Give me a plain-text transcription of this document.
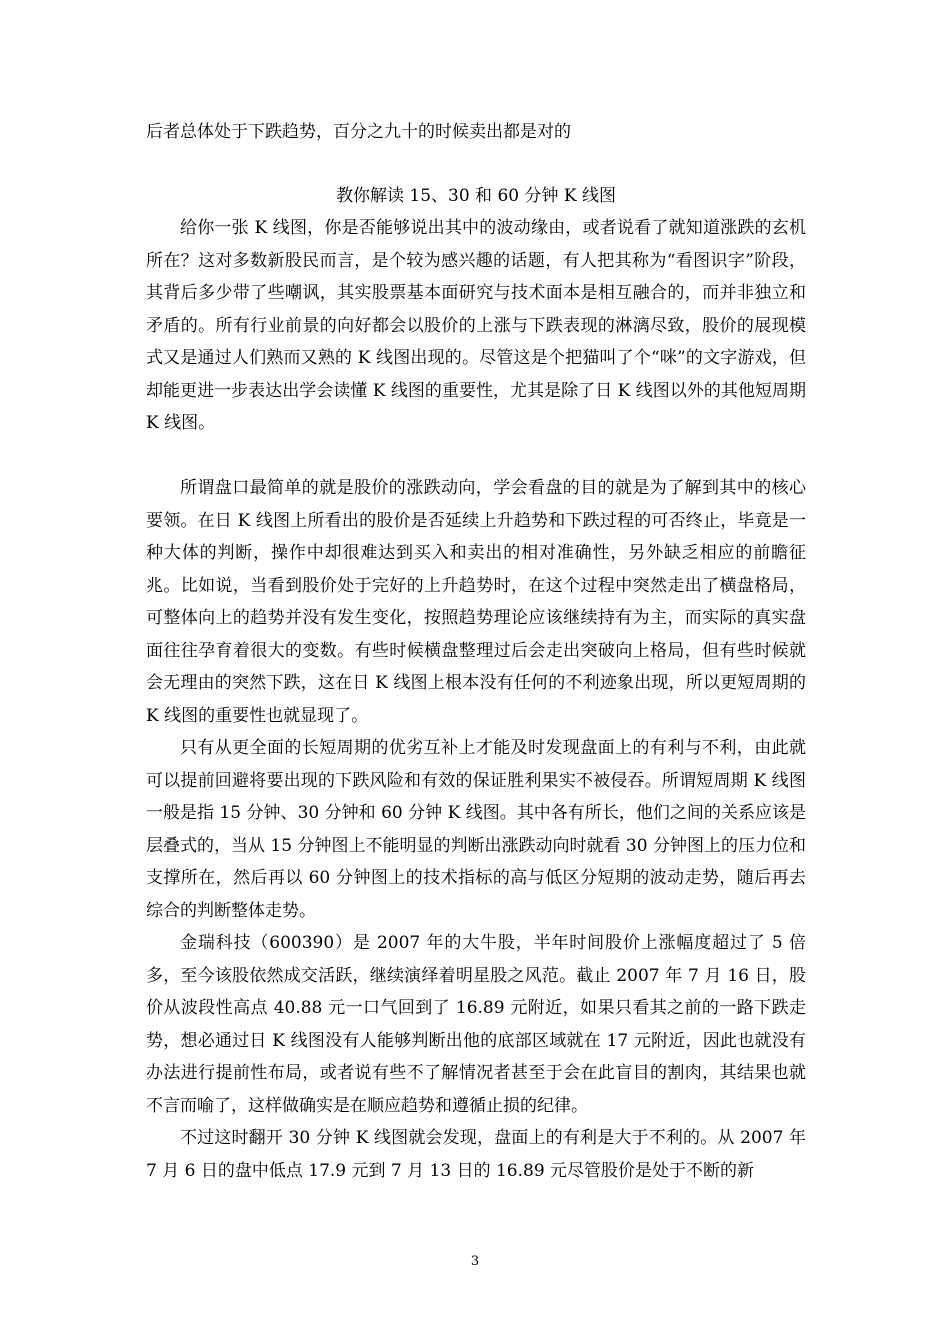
后者总体处于下跌趋势，百分之九十的时候卖出都是对的

教你解读 15、30 和 60 分钟 K 线图
给你一张 K 线图，你是否能够说出其中的波动缘由，或者说看了就知道涨跌的玄机所在？这对多数新股民而言，是个较为感兴趣的话题，有人把其称为“看图识字”阶段，其背后多少带了些嘲讽，其实股票基本面研究与技术面本是相互融合的，而并非独立和矛盾的。所有行业前景的向好都会以股价的上涨与下跌表现的淋漓尽致，股价的展现模式又是通过人们熟而又熟的 K 线图出现的。尽管这是个把猫叫了个“咪”的文字游戏，但却能更进一步表达出学会读懂 K 线图的重要性，尤其是除了日 K 线图以外的其他短周期 K 线图。
所谓盘口最简单的就是股价的涨跌动向，学会看盘的目的就是为了解到其中的核心要领。在日 K 线图上所看出的股价是否延续上升趋势和下跌过程的可否终止，毕竟是一种大体的判断，操作中却很难达到买入和卖出的相对准确性，另外缺乏相应的前瞻征兆。比如说，当看到股价处于完好的上升趋势时，在这个过程中突然走出了横盘格局，可整体向上的趋势并没有发生变化，按照趋势理论应该继续持有为主，而实际的真实盘面往往孕育着很大的变数。有些时候横盘整理过后会走出突破向上格局，但有些时候就会无理由的突然下跌，这在日 K 线图上根本没有任何的不利迹象出现，所以更短周期的 K 线图的重要性也就显现了。
只有从更全面的长短周期的优劣互补上才能及时发现盘面上的有利与不利，由此就可以提前回避将要出现的下跌风险和有效的保证胜利果实不被侵吞。所谓短周期 K 线图一般是指 15 分钟、30 分钟和 60 分钟 K 线图。其中各有所长，他们之间的关系应该是层叠式的，当从 15 分钟图上不能明显的判断出涨跌动向时就看 30 分钟图上的压力位和支撑所在，然后再以 60 分钟图上的技术指标的高与低区分短期的波动走势，随后再去综合的判断整体走势。
金瑞科技（600390）是 2007 年的大牛股，半年时间股价上涨幅度超过了 5 倍多，至今该股依然成交活跃，继续演绎着明星股之风范。截止 2007 年 7 月 16 日，股价从波段性高点 40.88 元一口气回到了 16.89 元附近，如果只看其之前的一路下跌走势，想必通过日 K 线图没有人能够判断出他的底部区域就在 17 元附近，因此也就没有办法进行提前性布局，或者说有些不了解情况者甚至于会在此盲目的割肉，其结果也就不言而喻了，这样做确实是在顺应趋势和遵循止损的纪律。
不过这时翻开 30 分钟 K 线图就会发现，盘面上的有利是大于不利的。从 2007 年 7 月 6 日的盘中低点 17.9 元到 7 月 13 日的 16.89 元尽管股价是处于不断的新
3
